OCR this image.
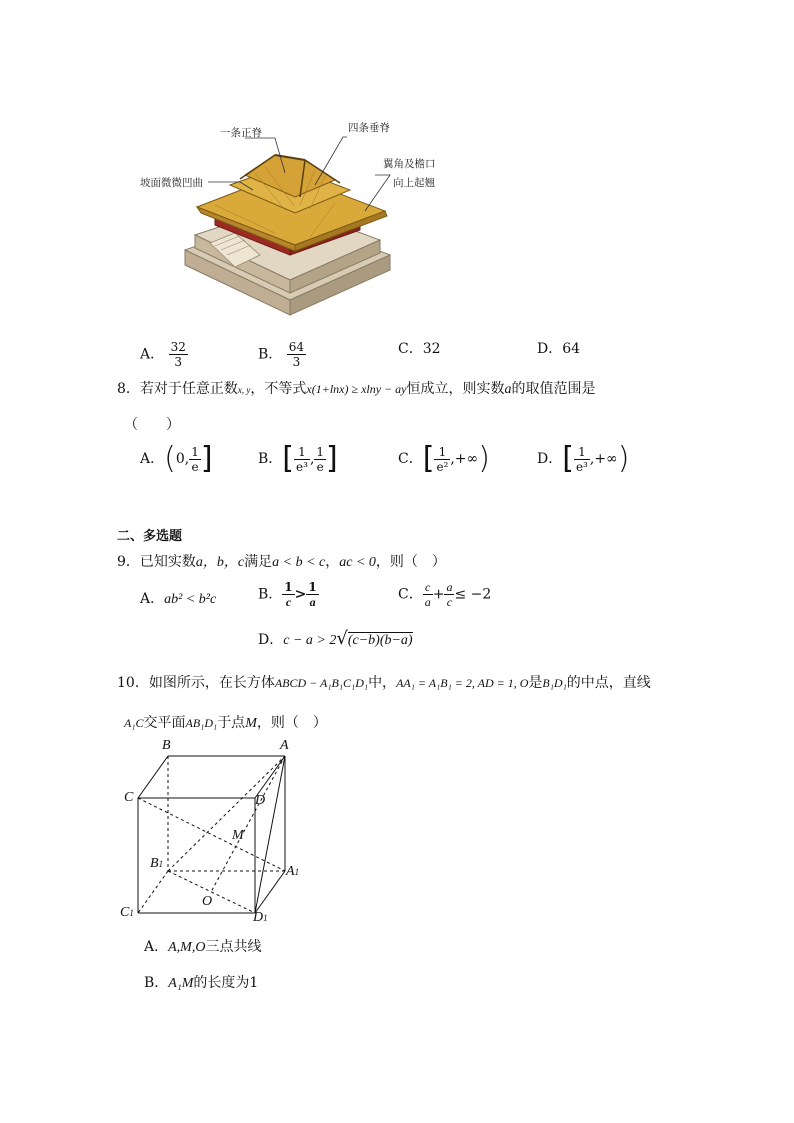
一条正脊	四条垂脊
坡面微微凹曲
翼角及檐口
向上起翘
A． $\frac{32}{3}$	B． $\frac{64}{3}$	C．32	D．64
8．若对于任意正数x, y，不等式x(1+lnx) ≥ xlny − ay恒成立，则实数a的取值范围是
（　　）
A．(0, $\frac{1}{e}$ ]	B．[ $\frac{1}{\text{e³}}$ , $\frac{1}{e}$ ]	C．[ $\frac{1}{\text{e²}}$ ,+∞)	D．[ $\frac{1}{\text{e³}}$ ,+∞)
二、多选题
9．已知实数a，b，c满足a < b < c，ac < 0，则（　）
A．ab² < b²c	B． $\frac{1}{c} > \frac{1}{a}$	C． $\frac{c}{a} + \frac{a}{c} \le -2$
D．c − a > 2√(c−b)(b−a)
10．如图所示，在长方体ABCD − A₁B₁C₁D₁中，AA₁ = A₁B₁ = 2, AD = 1, O是B₁D₁的中点，直线
A₁C交平面AB₁D₁于点M，则（　）
B	A
C	D
M
B1	A1
O
C1	D1
A．A,M,O三点共线
B．A₁M的长度为1
